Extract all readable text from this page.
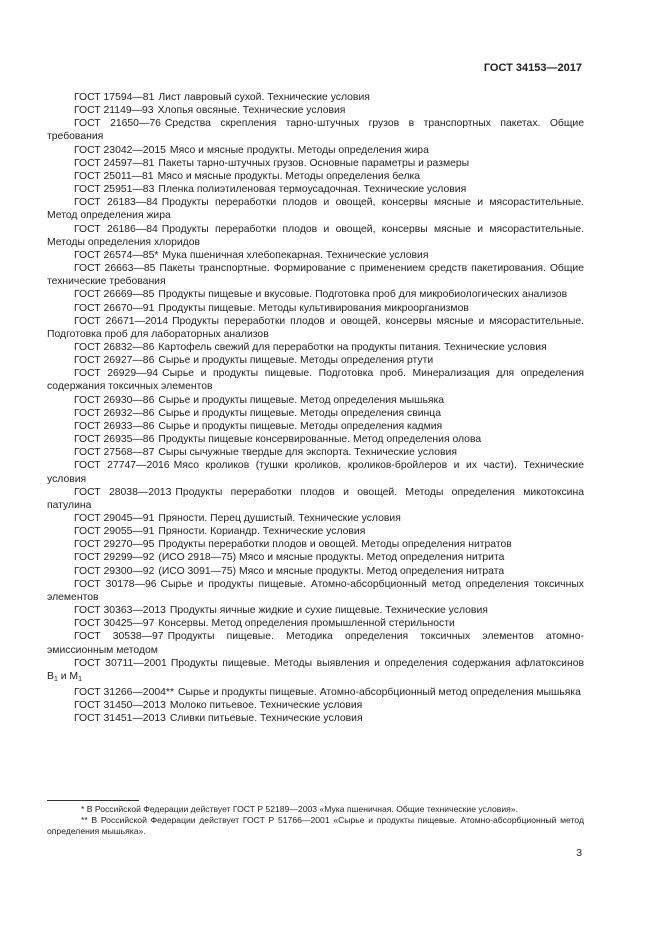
ГОСТ 34153—2017

ГОСТ 17594—81 Лист лавровый сухой. Технические условия

ГОСТ 21149—93 Хлопья овсяные. Технические условия

ГОСТ 21650—76 Средства скрепления тарно-штучных грузов в транспортных пакетах. Общие требования

ГОСТ 23042—2015 Мясо и мясные продукты. Методы определения жира

ГОСТ 24597—81 Пакеты тарно-штучных грузов. Основные параметры и размеры

ГОСТ 25011—81 Мясо и мясные продукты. Методы определения белка

ГОСТ 25951—83 Пленка полиэтиленовая термоусадочная. Технические условия

ГОСТ 26183—84 Продукты переработки плодов и овощей, консервы мясные и мясорастительные. Метод определения жира

ГОСТ 26186—84 Продукты переработки плодов и овощей, консервы мясные и мясорастительные. Методы определения хлоридов

ГОСТ 26574—85* Мука пшеничная хлебопекарная. Технические условия

ГОСТ 26663—85 Пакеты транспортные. Формирование с применением средств пакетирования. Общие технические требования

ГОСТ 26669—85 Продукты пищевые и вкусовые. Подготовка проб для микробиологических анализов

ГОСТ 26670—91 Продукты пищевые. Методы культивирования микроорганизмов

ГОСТ 26671—2014 Продукты переработки плодов и овощей, консервы мясные и мясорастительные. Подготовка проб для лабораторных анализов

ГОСТ 26832—86 Картофель свежий для переработки на продукты питания. Технические условия

ГОСТ 26927—86 Сырье и продукты пищевые. Методы определения ртути

ГОСТ 26929—94 Сырье и продукты пищевые. Подготовка проб. Минерализация для определения содержания токсичных элементов

ГОСТ 26930—86 Сырье и продукты пищевые. Метод определения мышьяка

ГОСТ 26932—86 Сырье и продукты пищевые. Методы определения свинца

ГОСТ 26933—86 Сырье и продукты пищевые. Методы определения кадмия

ГОСТ 26935—86 Продукты пищевые консервированные. Метод определения олова

ГОСТ 27568—87 Сыры сычужные твердые для экспорта. Технические условия

ГОСТ 27747—2016 Мясо кроликов (тушки кроликов, кроликов-бройлеров и их части). Технические условия

ГОСТ 28038—2013 Продукты переработки плодов и овощей. Методы определения микотоксина патулина

ГОСТ 29045—91 Пряности. Перец душистый. Технические условия

ГОСТ 29055—91 Пряности. Кориандр. Технические условия

ГОСТ 29270—95 Продукты переработки плодов и овощей. Методы определения нитратов

ГОСТ 29299—92 (ИСО 2918—75) Мясо и мясные продукты. Метод определения нитрита

ГОСТ 29300—92 (ИСО 3091—75) Мясо и мясные продукты. Метод определения нитрата

ГОСТ 30178—96 Сырье и продукты пищевые. Атомно-абсорбционный метод определения токсичных элементов

ГОСТ 30363—2013 Продукты яичные жидкие и сухие пищевые. Технические условия

ГОСТ 30425—97 Консервы. Метод определения промышленной стерильности

ГОСТ 30538—97 Продукты пищевые. Методика определения токсичных элементов атомно-эмиссионным методом

ГОСТ 30711—2001 Продукты пищевые. Методы выявления и определения содержания афлатоксинов $B_1$ и $M_1$

ГОСТ 31266—2004** Сырье и продукты пищевые. Атомно-абсорбционный метод определения мышьяка

ГОСТ 31450—2013 Молоко питьевое. Технические условия

ГОСТ 31451—2013 Сливки питьевые. Технические условия

* В Российской Федерации действует ГОСТ Р 52189—2003 «Мука пшеничная. Общие технические условия».

** В Российской Федерации действует ГОСТ Р 51766—2001 «Сырье и продукты пищевые. Атомно-абсорбционный метод определения мышьяка».

3
